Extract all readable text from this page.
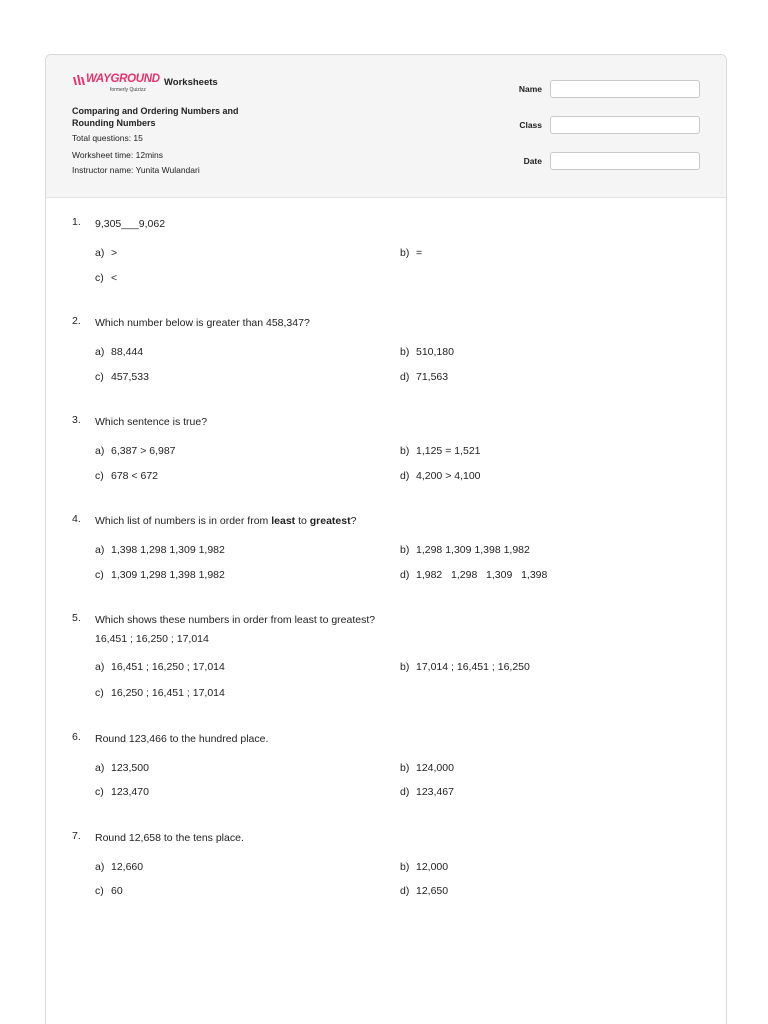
WAYGROUND
formerly Quizizz
Worksheets
Comparing and Ordering Numbers and Rounding Numbers
Total questions: 15
Worksheet time: 12mins
Instructor name: Yunita Wulandari
Name
Class
Date
1. 9,305___9,062
a) >	b) =
c) <
2. Which number below is greater than 458,347?
a) 88,444	b) 510,180
c) 457,533	d) 71,563
3. Which sentence is true?
a) 6,387 > 6,987	b) 1,125 = 1,521
c) 678 < 672	d) 4,200 > 4,100
4. Which list of numbers is in order from least to greatest?
a) 1,398 1,298 1,309 1,982	b) 1,298 1,309 1,398 1,982
c) 1,309 1,298 1,398 1,982	d) 1,982   1,298   1,309   1,398
5. Which shows these numbers in order from least to greatest?
16,451 ; 16,250 ; 17,014
a) 16,451 ; 16,250 ; 17,014	b) 17,014 ; 16,451 ; 16,250
c) 16,250 ; 16,451 ; 17,014
6. Round 123,466 to the hundred place.
a) 123,500	b) 124,000
c) 123,470	d) 123,467
7. Round 12,658 to the tens place.
a) 12,660	b) 12,000
c) 60	d) 12,650
